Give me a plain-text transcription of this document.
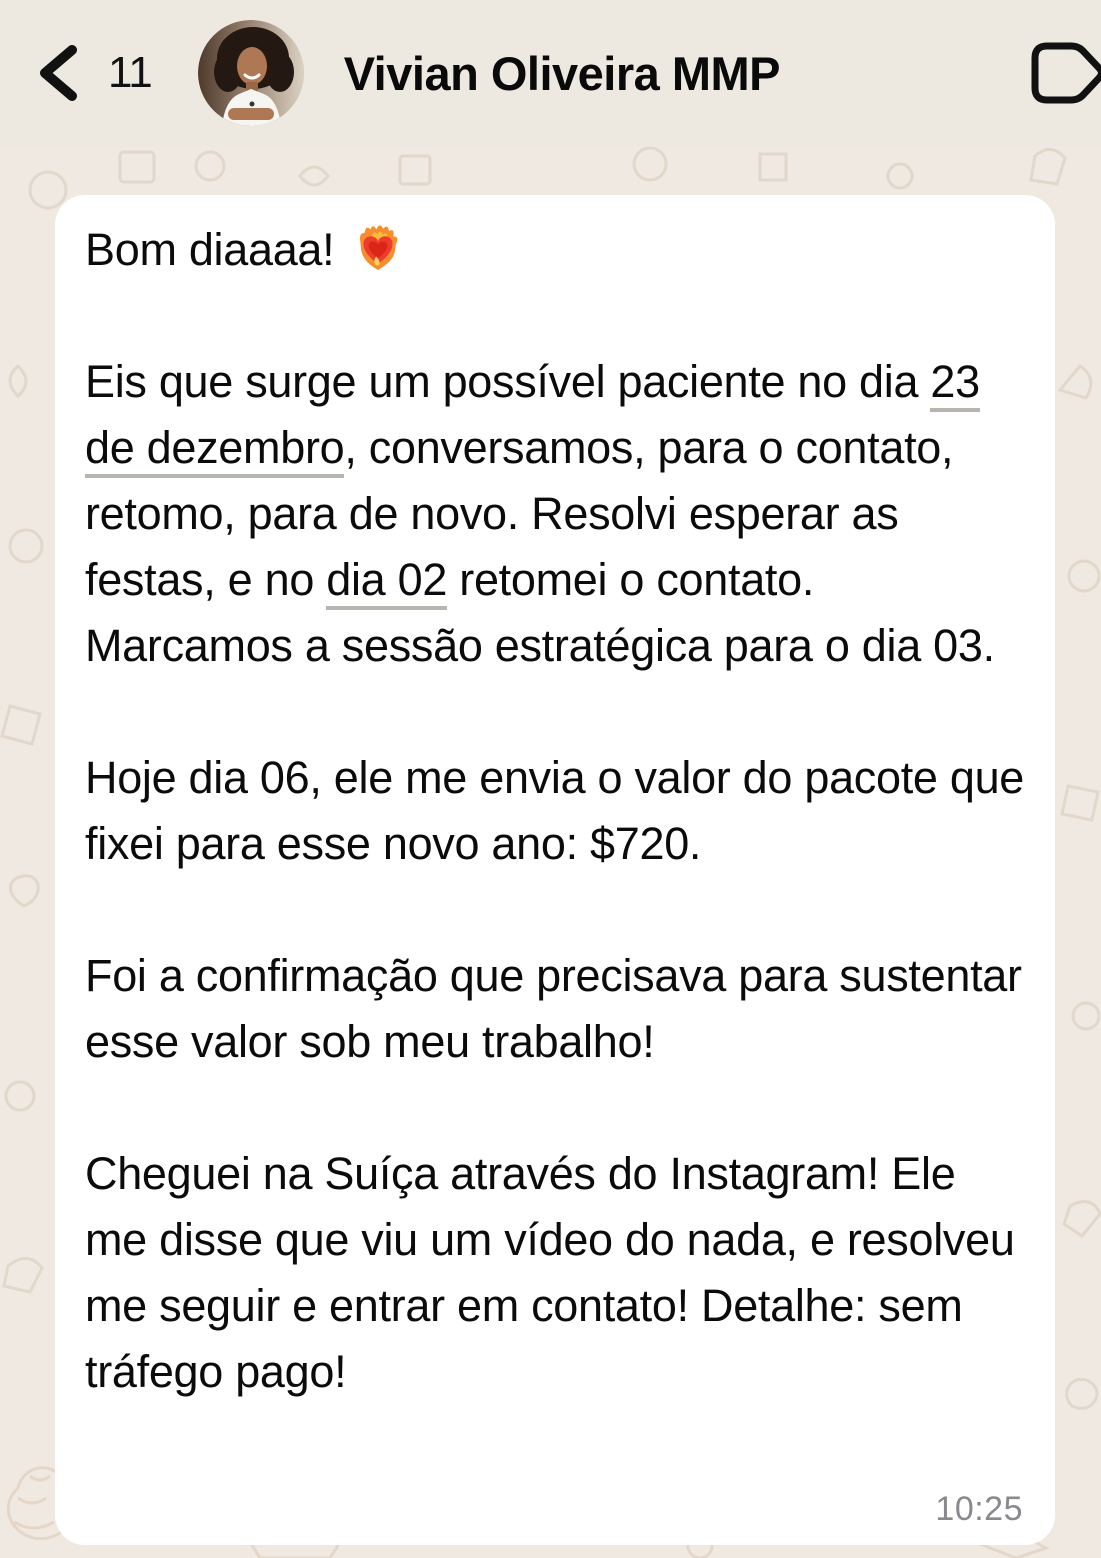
11	Vivian Oliveira MMP

Bom diaaaa!

Eis que surge um possível paciente no dia 23 de dezembro, conversamos, para o contato, retomo, para de novo. Resolvi esperar as festas, e no dia 02 retomei o contato. Marcamos a sessão estratégica para o dia 03.

Hoje dia 06, ele me envia o valor do pacote que fixei para esse novo ano: $720.

Foi a confirmação que precisava para sustentar esse valor sob meu trabalho!

Cheguei na Suíça através do Instagram! Ele me disse que viu um vídeo do nada, e resolveu me seguir e entrar em contato! Detalhe: sem tráfego pago!

10:25
